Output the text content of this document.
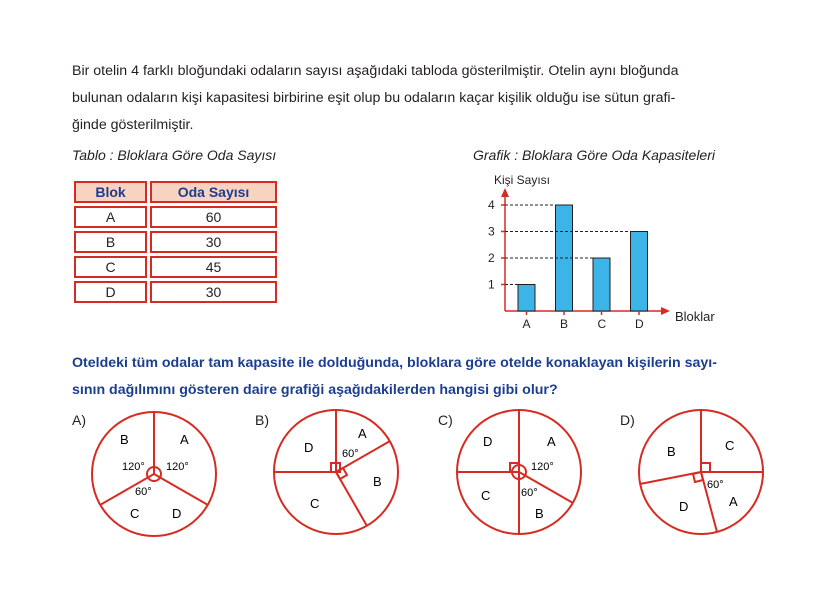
Bir otelin 4 farklı bloğundaki odaların sayısı aşağıdaki tabloda gösterilmiştir. Otelin aynı bloğunda
bulunan odaların kişi kapasitesi birbirine eşit olup bu odaların kaçar kişilik olduğu ise sütun grafi-
ğinde gösterilmiştir.
Tablo : Bloklara Göre Oda Sayısı
Blok	Oda Sayısı
A	60
B	30
C	45
D	30
Grafik : Bloklara Göre Oda Kapasiteleri
Kişi Sayısı
1
2
3
4
A B C D Bloklar
Oteldeki tüm odalar tam kapasite ile dolduğunda, bloklara göre otelde konaklayan kişilerin sayı-
sının dağılımını gösteren daire grafiği aşağıdakilerden hangisi gibi olur?
A)	B)	C)	D)
B	A
C	D
120° 120°
60°
D
A
B
C
60°
D	A
C
B
120°
60°
B	C
D	A
60°
